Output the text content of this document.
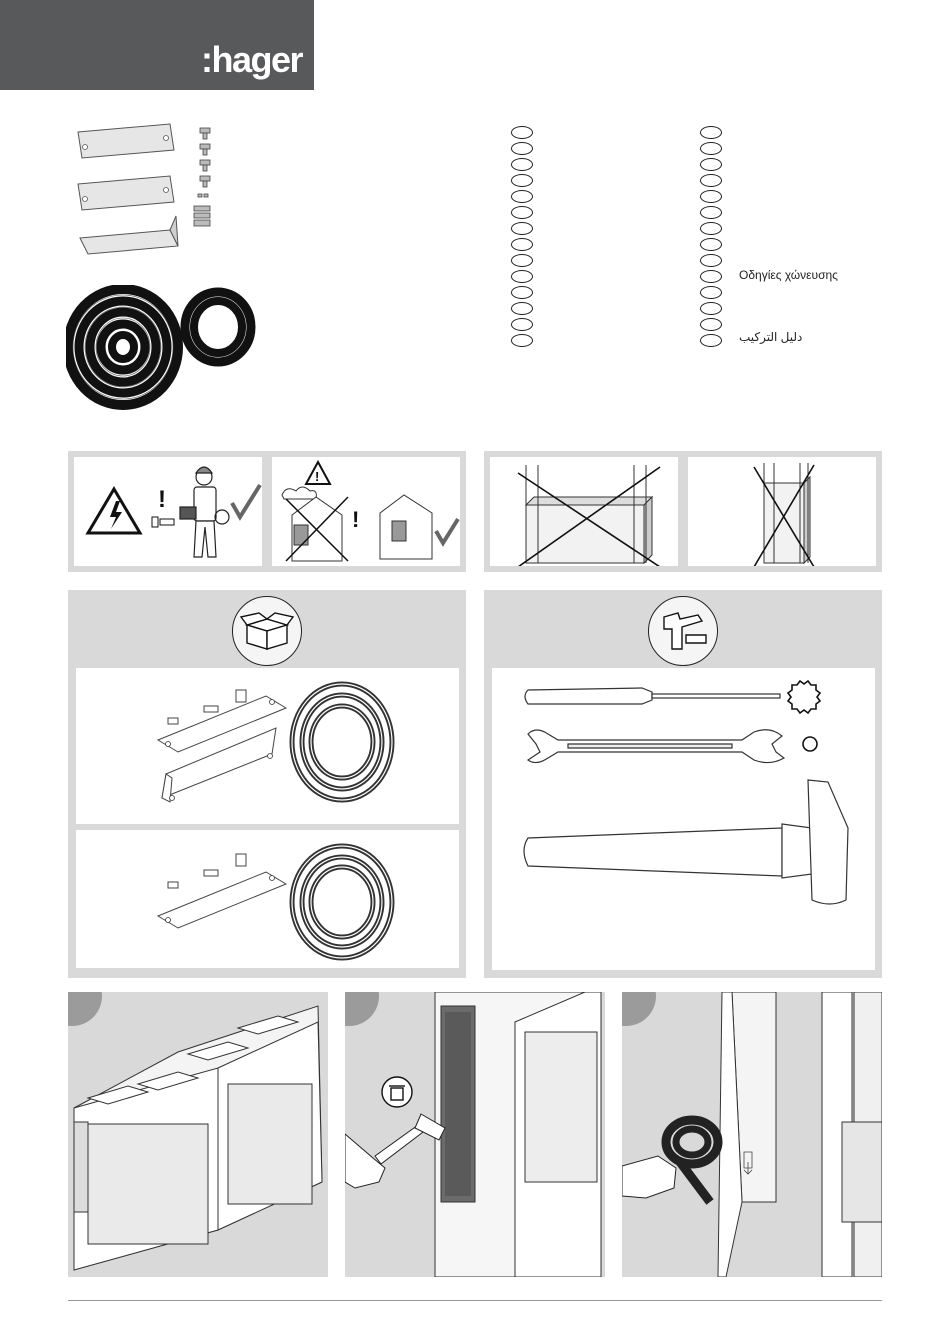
:hager
Οδηγίες χώνευσης
دليل التركيب
!
!
!
